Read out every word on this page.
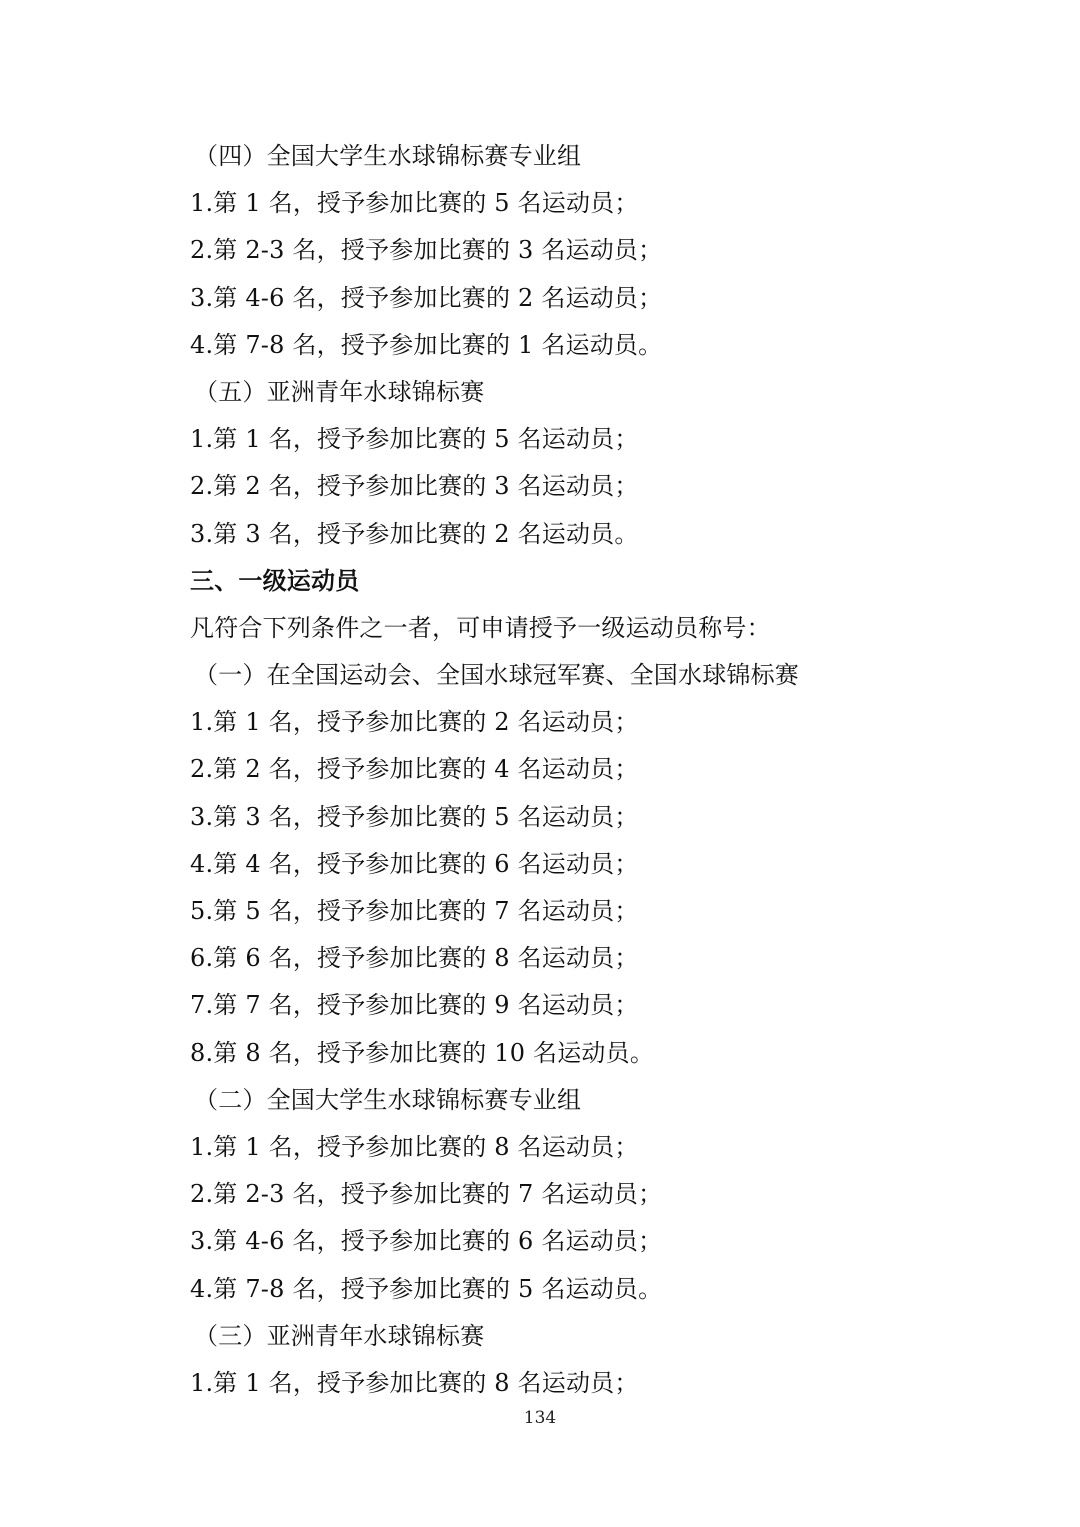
（四）全国大学生水球锦标赛专业组
1.第 1 名，授予参加比赛的 5 名运动员；
2.第 2-3 名，授予参加比赛的 3 名运动员；
3.第 4-6 名，授予参加比赛的 2 名运动员；
4.第 7-8 名，授予参加比赛的 1 名运动员。
（五）亚洲青年水球锦标赛
1.第 1 名，授予参加比赛的 5 名运动员；
2.第 2 名，授予参加比赛的 3 名运动员；
3.第 3 名，授予参加比赛的 2 名运动员。
三、一级运动员
凡符合下列条件之一者，可申请授予一级运动员称号：
（一）在全国运动会、全国水球冠军赛、全国水球锦标赛
1.第 1 名，授予参加比赛的 2 名运动员；
2.第 2 名，授予参加比赛的 4 名运动员；
3.第 3 名，授予参加比赛的 5 名运动员；
4.第 4 名，授予参加比赛的 6 名运动员；
5.第 5 名，授予参加比赛的 7 名运动员；
6.第 6 名，授予参加比赛的 8 名运动员；
7.第 7 名，授予参加比赛的 9 名运动员；
8.第 8 名，授予参加比赛的 10 名运动员。
（二）全国大学生水球锦标赛专业组
1.第 1 名，授予参加比赛的 8 名运动员；
2.第 2-3 名，授予参加比赛的 7 名运动员；
3.第 4-6 名，授予参加比赛的 6 名运动员；
4.第 7-8 名，授予参加比赛的 5 名运动员。
（三）亚洲青年水球锦标赛
1.第 1 名，授予参加比赛的 8 名运动员；
134
